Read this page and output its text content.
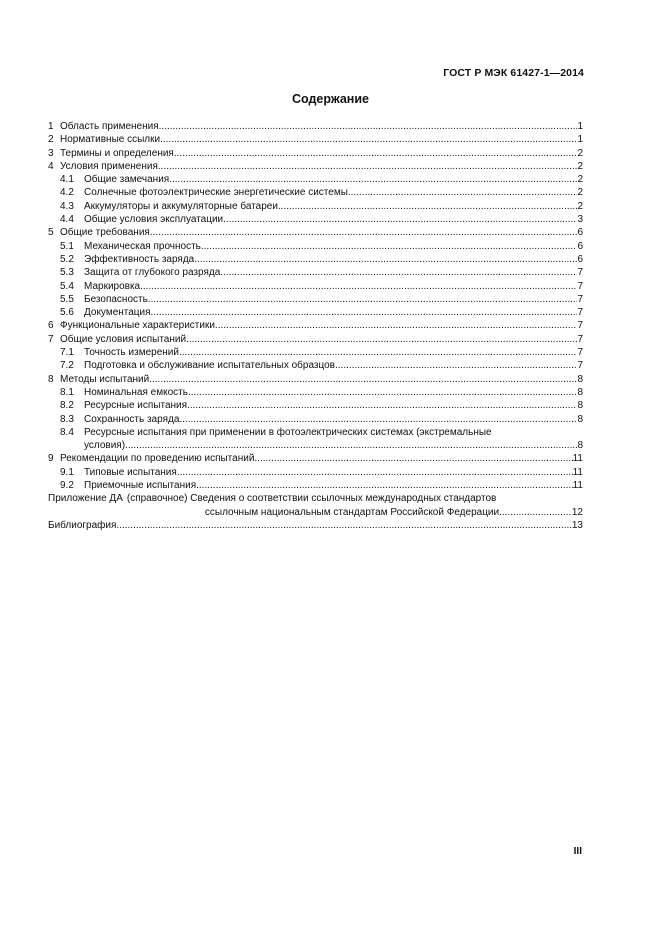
ГОСТ Р МЭК 61427-1—2014
Содержание
1 Область применения .....	1
2 Нормативные ссылки .....	1
3 Термины и определения .....	2
4 Условия применения .....	2
4.1	Общие замечания .....	2
4.2	Солнечные фотоэлектрические энергетические системы .....	2
4.3	Аккумуляторы и аккумуляторные батареи .....	2
4.4	Общие условия эксплуатации .....	3
5 Общие требования .....	6
5.1	Механическая прочность .....	6
5.2	Эффективность заряда .....	6
5.3	Защита от глубокого разряда .....	7
5.4	Маркировка .....	7
5.5	Безопасность .....	7
5.6	Документация .....	7
6 Функциональные характеристики .....	7
7 Общие условия испытаний .....	7
7.1	Точность измерений .....	7
7.2	Подготовка и обслуживание испытательных образцов .....	7
8 Методы испытаний .....	8
8.1	Номинальная емкость .....	8
8.2	Ресурсные испытания .....	8
8.3	Сохранность заряда .....	8
8.4	Ресурсные испытания при применении в фотоэлектрических системах (экстремальные
условия) .....	8
9 Рекомендации по проведению испытаний .....	11
9.1	Типовые испытания .....	11
9.2	Приемочные испытания .....	11
Приложение ДА (справочное) Сведения о соответствии ссылочных международных стандартов
ссылочным национальным стандартам Российской Федерации .....	12
Библиография .....	13
III
